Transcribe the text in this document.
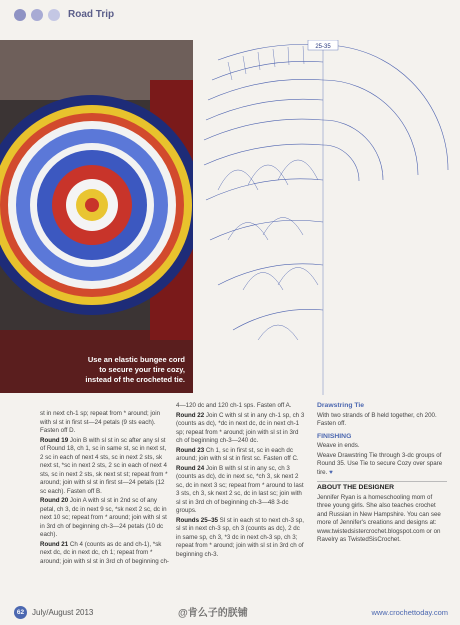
Road Trip
Use an elastic bungee cord
to secure your tire cozy,
instead of the crocheted tie.
25-35

st in next ch-1 sp; repeat from * around; join with sl st in first st—24 petals (9 sts each). Fasten off D.

Round 19 Join B with sl st in sc after any sl st of Round 18, ch 1, sc in same st, sc in next st, 2 sc in each of next 4 sts, sc in next 2 sts, sk next st, *sc in next 2 sts, 2 sc in each of next 4 sts, sc in next 2 sts, sk next st st; repeat from * around; join with sl st in first st—24 petals (12 sc each). Fasten off B.

Round 20 Join A with sl st in 2nd sc of any petal, ch 3, dc in next 9 sc, *sk next 2 sc, dc in next 10 sc; repeat from * around; join with sl st in 3rd ch of beginning ch-3—24 petals (10 dc each).

Round 21 Ch 4 (counts as dc and ch-1), *sk next dc, dc in next dc, ch 1; repeat from * around; join with sl st in 3rd ch of beginning ch-

4—120 dc and 120 ch-1 sps. Fasten off A.

Round 22 Join C with sl st in any ch-1 sp, ch 3 (counts as dc), *dc in next dc, dc in next ch-1 sp; repeat from * around; join with sl st in 3rd ch of beginning ch-3—240 dc.

Round 23 Ch 1, sc in first st, sc in each dc around; join with sl st in first sc. Fasten off C.

Round 24 Join B with sl st in any sc, ch 3 (counts as dc), dc in next sc, *ch 3, sk next 2 sc, dc in next 3 sc; repeat from * around to last 3 sts, ch 3, sk next 2 sc, dc in last sc; join with sl st in 3rd ch of beginning ch-3—48 3-dc groups.

Rounds 25–35 Sl st in each st to next ch-3 sp, sl st in next ch-3 sp, ch 3 (counts as dc), 2 dc in same sp, ch 3, *3 dc in next ch-3 sp, ch 3; repeat from * around; join with sl st in 3rd ch of beginning ch-3.

Drawstring Tie

With two strands of B held together, ch 200. Fasten off.

FINISHING

Weave in ends.

Weave Drawstring Tie through 3-dc groups of Round 35. Use Tie to secure Cozy over spare tire. ♥

ABOUT THE DESIGNER

Jennifer Ryan is a homeschooling mom of three young girls. She also teaches crochet and Russian in New Hampshire. You can see more of Jennifer's creations and designs at: www.twistedsistercrochet.blogspot.com or on Ravelry as TwistedSisCrochet.

62 July/August 2013	@肯么子的朕铺	www.crochettoday.com
